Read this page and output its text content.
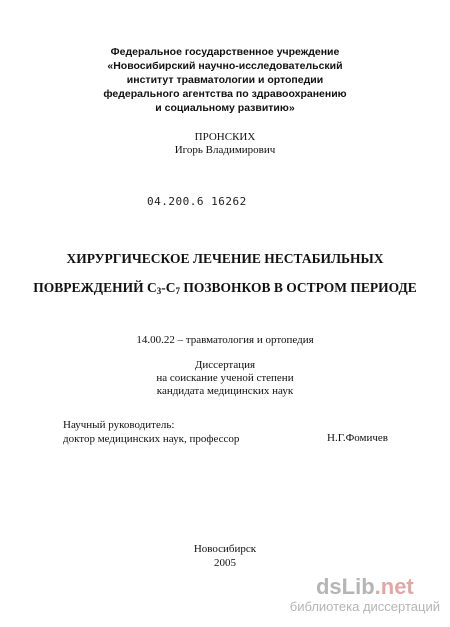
Федеральное государственное учреждение
«Новосибирский научно-исследовательский
институт травматологии и ортопедии
федерального агентства по здравоохранению
и социальному развитию»
ПРОНСКИХ
Игорь Владимирович
04.200.6 16262
ХИРУРГИЧЕСКОЕ ЛЕЧЕНИЕ НЕСТАБИЛЬНЫХ
ПОВРЕЖДЕНИЙ $С_3-С_7$ ПОЗВОНКОВ В ОСТРОМ ПЕРИОДЕ
14.00.22 – травматология и ортопедия
Диссертация
на соискание ученой степени
кандидата медицинских наук
Научный руководитель:
доктор медицинских наук, профессор	Н.Г.Фомичев
Новосибирск
2005
dsLib.net
библиотека диссертаций
